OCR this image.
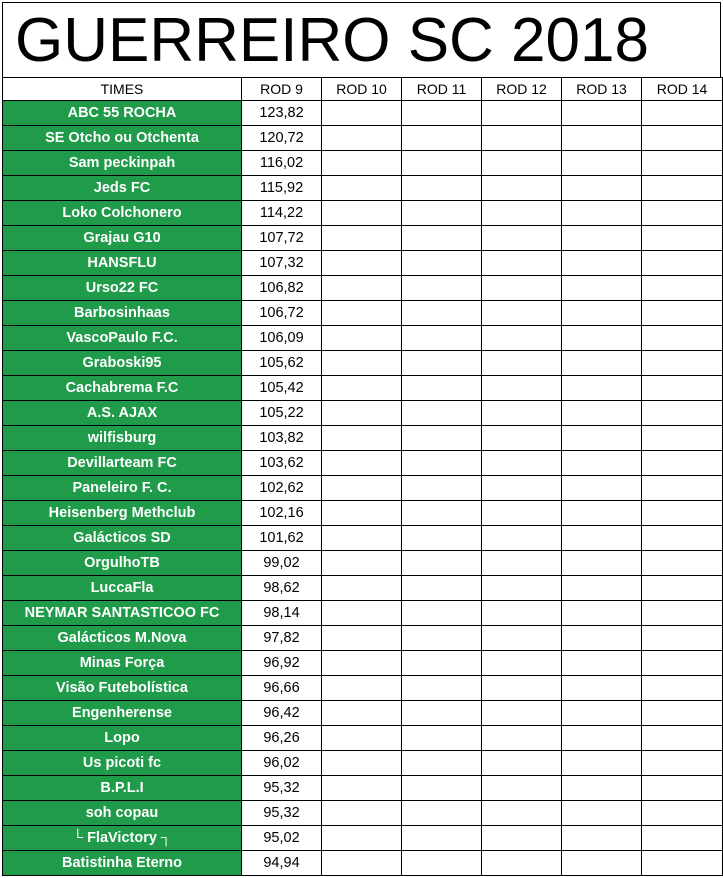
GUERREIRO SC 2018
TIMES	ROD 9	ROD 10	ROD 11	ROD 12	ROD 13	ROD 14
ABC 55 ROCHA	123,82					
SE Otcho ou Otchenta	120,72					
Sam peckinpah	116,02					
Jeds FC	115,92					
Loko Colchonero	114,22					
Grajau G10	107,72					
HANSFLU	107,32					
Urso22 FC	106,82					
Barbosinhaas	106,72					
VascoPaulo F.C.	106,09					
Graboski95	105,62					
Cachabrema F.C	105,42					
A.S. AJAX	105,22					
wilfisburg	103,82					
Devillarteam FC	103,62					
Paneleiro F. C.	102,62					
Heisenberg Methclub	102,16					
Galácticos SD	101,62					
OrgulhoTB	99,02					
LuccaFla	98,62					
NEYMAR SANTASTICOO FC	98,14					
Galácticos M.Nova	97,82					
Minas Força	96,92					
Visão Futebolística	96,66					
Engenherense	96,42					
Lopo	96,26					
Us picoti fc	96,02					
B.P.L.I	95,32					
soh copau	95,32					
└ FlaVictory ┐	95,02					
Batistinha Eterno	94,94					
